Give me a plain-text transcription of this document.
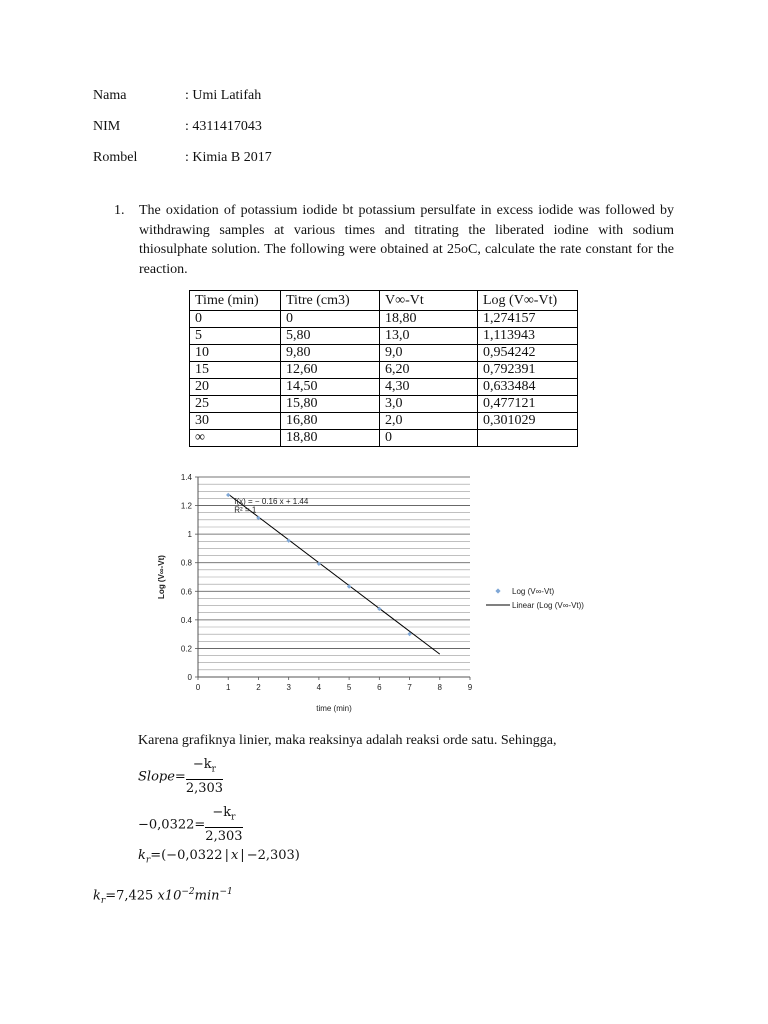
Nama	: Umi Latifah
NIM	: 4311417043
Rombel	: Kimia B 2017
1. The oxidation of potassium iodide bt potassium persulfate in excess iodide was followed by withdrawing samples at various times and titrating the liberated iodine with sodium thiosulphate solution. The following were obtained at 25oC, calculate the rate constant for the reaction.
Time (min)	Titre (cm3)	V∞-Vt	Log (V∞-Vt)
0	0	18,80	1,274157
5	5,80	13,0	1,113943
10	9,80	9,0	0,954242
15	12,60	6,20	0,792391
20	14,50	4,30	0,633484
25	15,80	3,0	0,477121
30	16,80	2,0	0,301029
∞	18,80	0	
0
0.2
0.4
0.6
0.8
1
1.2
1.4
0	1	2	3	4	5	6	7	8	9
f(x) = − 0.16 x + 1.44
R² = 1
time (min)
Log (V∞-Vt)	Log (V∞-Vt)
Linear (Log (V∞-Vt))
Karena grafiknya linier, maka reaksinya adalah reaksi orde satu. Sehingga,
Slope= $\frac{-k_r}{2,303}$
$-0,0322= \frac{-k_r}{2,303}$
$k_r=(-0,0322$ | x | −2,303)
$k_r=7,425$ $x10^{-2}\min^{-1}$
